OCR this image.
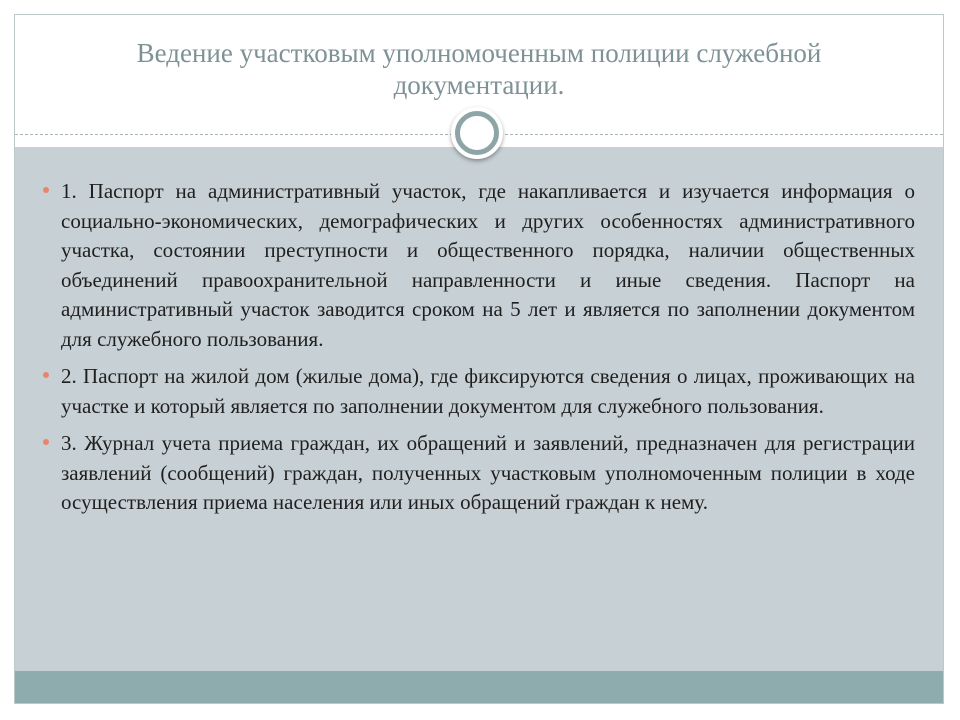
Ведение участковым уполномоченным полиции служебной документации.
1. Паспорт на административный участок, где накапливается и изучается информация о социально-экономических, демографических и других особенностях административного участка, состоянии преступности и общественного порядка, наличии общественных объединений правоохранительной направленности и иные сведения. Паспорт на административный участок заводится сроком на 5 лет и является по заполнении документом для служебного пользования.
2. Паспорт на жилой дом (жилые дома), где фиксируются сведения о лицах, проживающих на участке и который является по заполнении документом для служебного пользования.
3. Журнал учета приема граждан, их обращений и заявлений, предназначен для регистрации заявлений (сообщений) граждан, полученных участковым уполномоченным полиции в ходе осуществления приема населения или иных обращений граждан к нему.
